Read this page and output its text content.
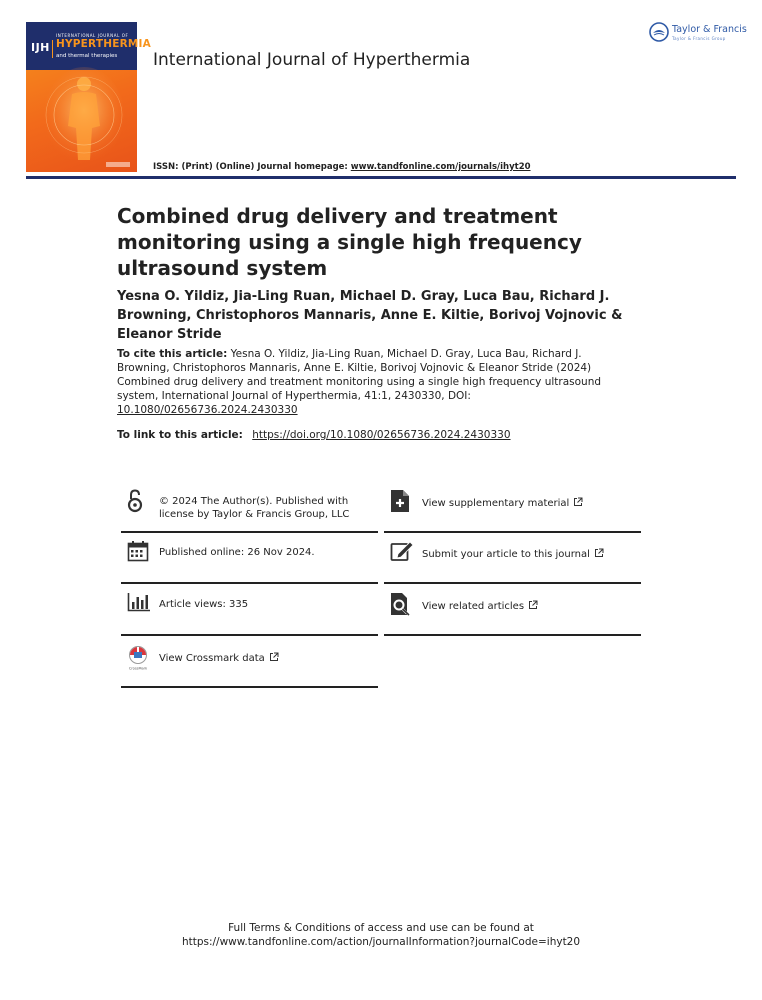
IJH
INTERNATIONAL JOURNAL OF
HYPERTHERMIA
and thermal therapies International Journal of Hyperthermia
Taylor & Francis
Taylor & Francis Group
ISSN: (Print) (Online) Journal homepage: www.tandfonline.com/journals/ihyt20
Combined drug delivery and treatment monitoring using a single high frequency ultrasound system
Yesna O. Yildiz, Jia-Ling Ruan, Michael D. Gray, Luca Bau, Richard J. Browning, Christophoros Mannaris, Anne E. Kiltie, Borivoj Vojnovic & Eleanor Stride
To cite this article: Yesna O. Yildiz, Jia-Ling Ruan, Michael D. Gray, Luca Bau, Richard J. Browning, Christophoros Mannaris, Anne E. Kiltie, Borivoj Vojnovic & Eleanor Stride (2024) Combined drug delivery and treatment monitoring using a single high frequency ultrasound system, International Journal of Hyperthermia, 41:1, 2430330, DOI: 10.1080/02656736.2024.2430330
To link to this article: https://doi.org/10.1080/02656736.2024.2430330
© 2024 The Author(s). Published with
license by Taylor & Francis Group, LLC
Published online: 26 Nov 2024.
Article views: 335
CrossMark
View Crossmark data
View supplementary material
Submit your article to this journal
View related articles
Full Terms & Conditions of access and use can be found at
https://www.tandfonline.com/action/journalInformation?journalCode=ihyt20
